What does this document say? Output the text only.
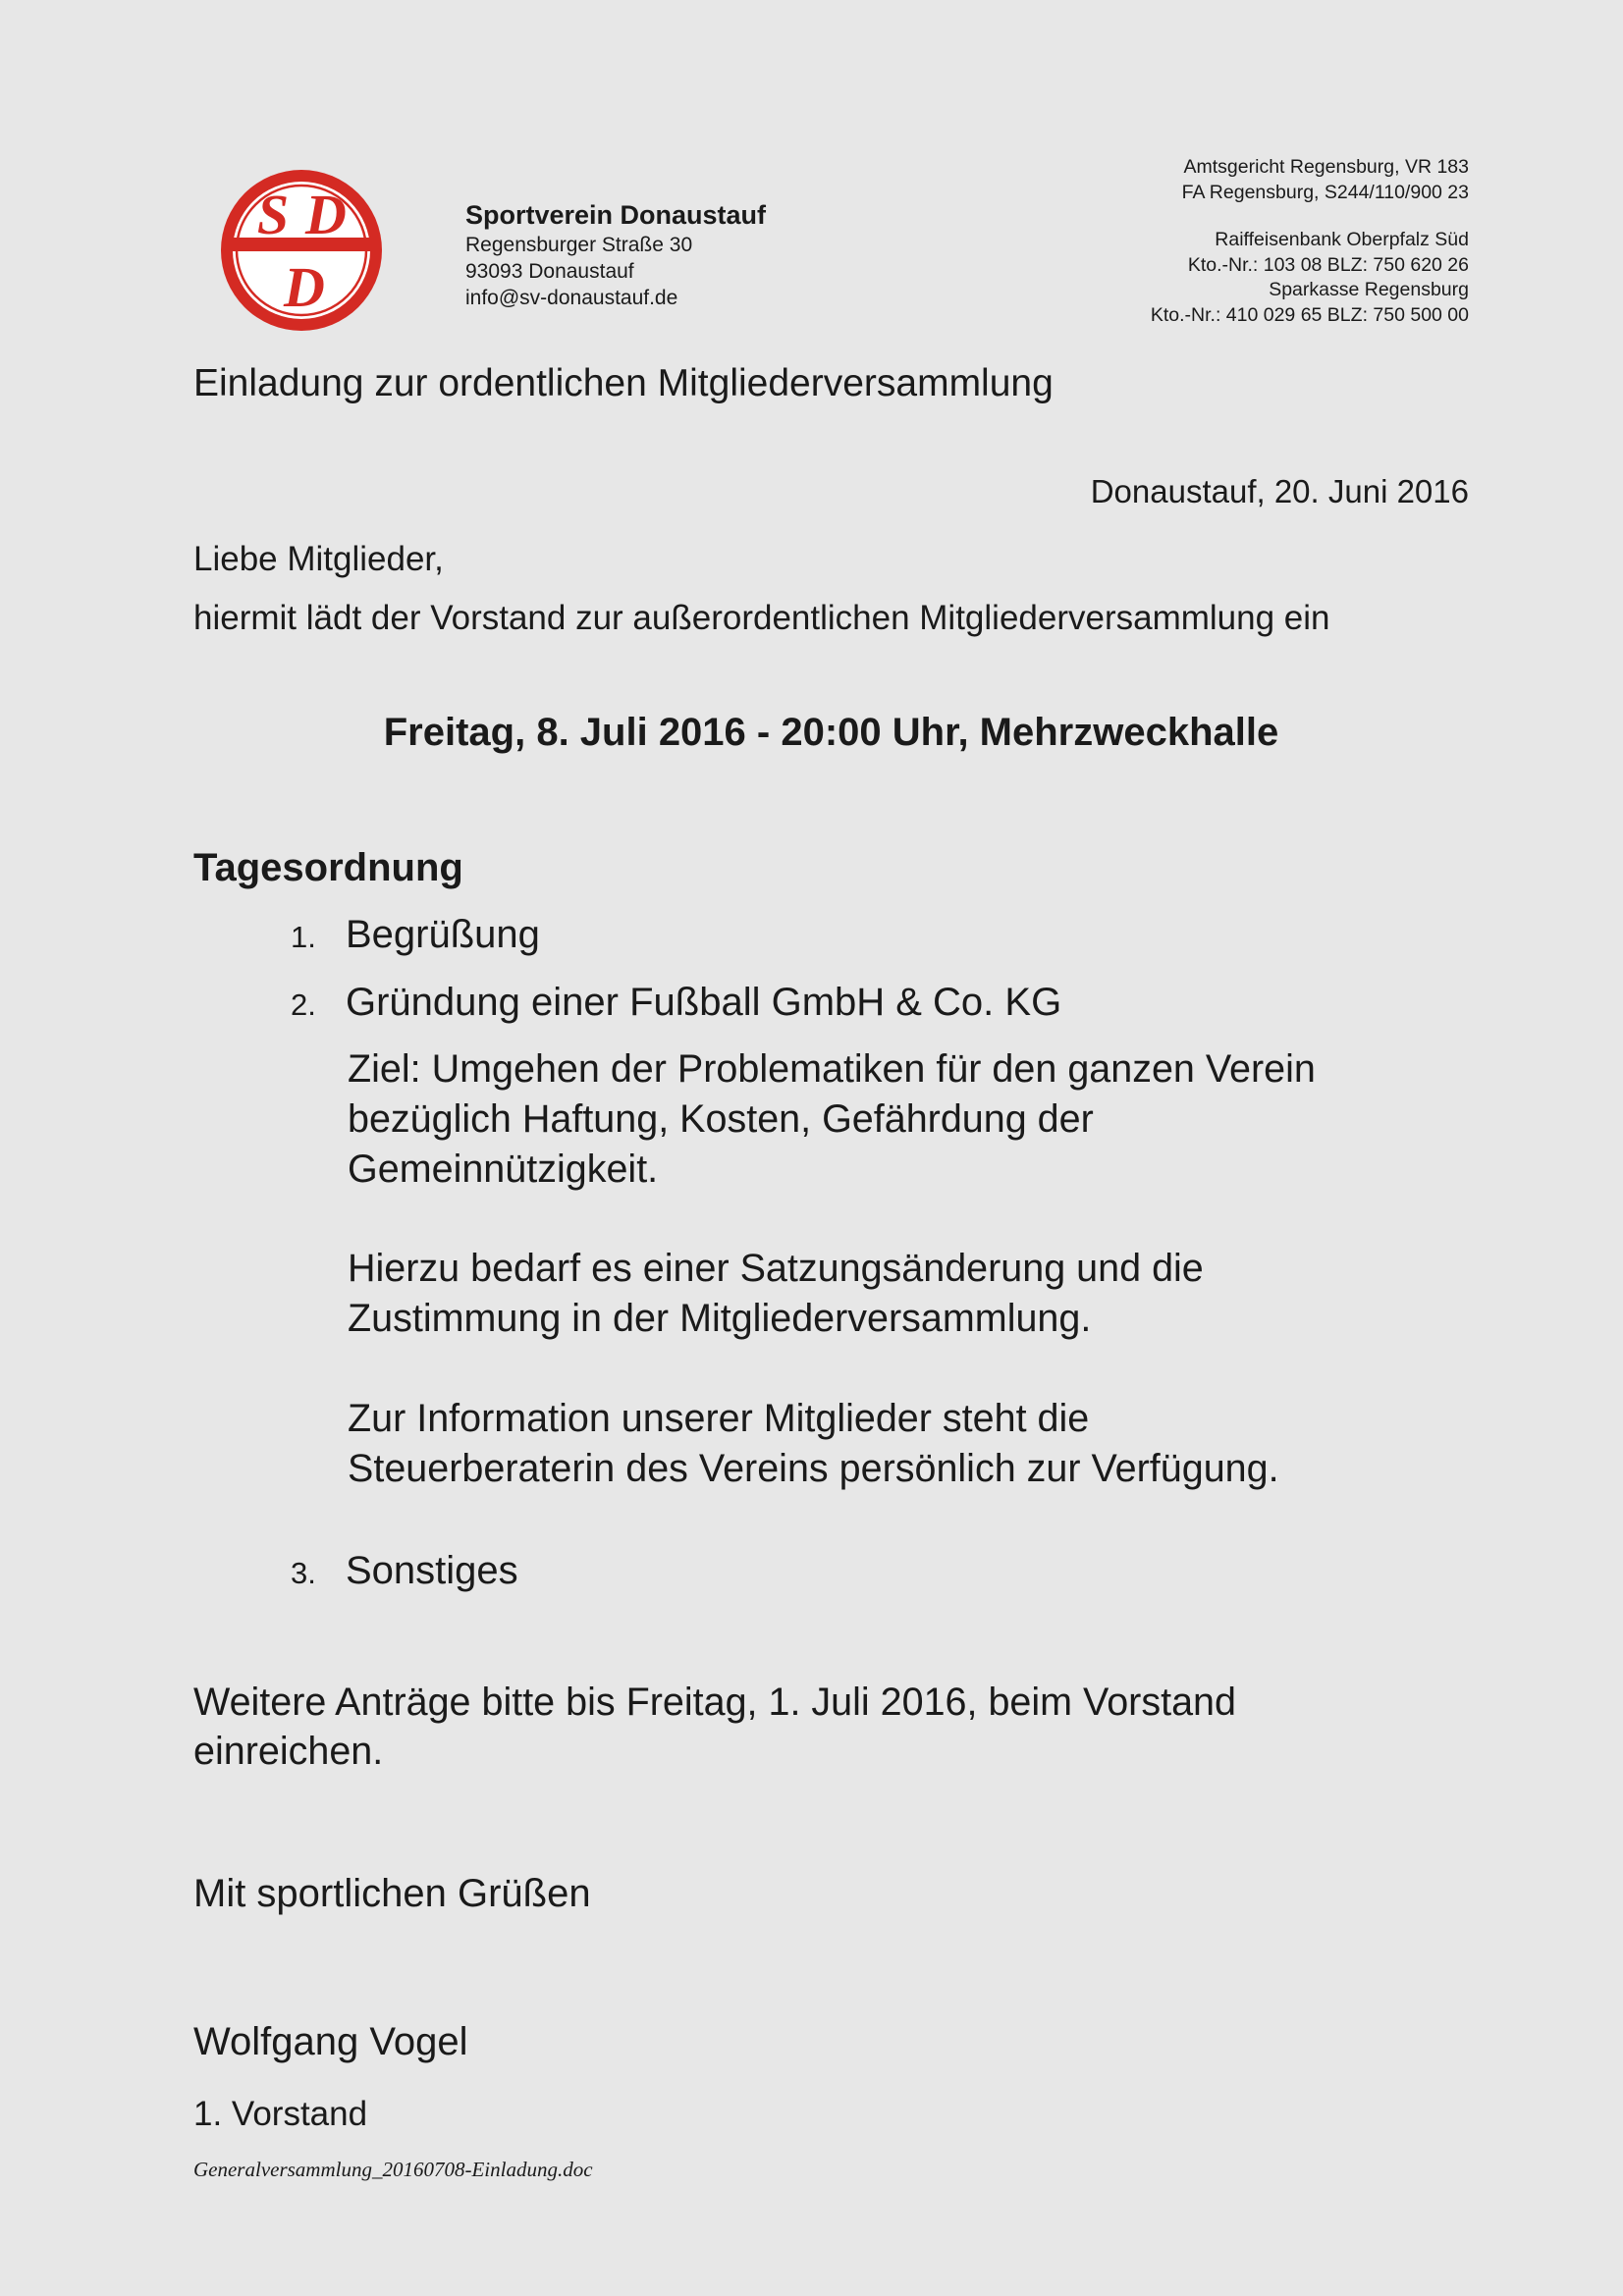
S D
D
Sportverein Donaustauf
Regensburger Straße 30
93093 Donaustauf
info@sv-donaustauf.de
Amtsgericht Regensburg, VR 183
FA Regensburg, S244/110/900 23
Raiffeisenbank Oberpfalz Süd
Kto.-Nr.: 103 08 BLZ: 750 620 26
Sparkasse Regensburg
Kto.-Nr.: 410 029 65 BLZ: 750 500 00
Einladung zur ordentlichen Mitgliederversammlung
Donaustauf, 20. Juni 2016
Liebe Mitglieder,
hiermit lädt der Vorstand zur außerordentlichen Mitgliederversammlung ein
Freitag, 8. Juli 2016 - 20:00 Uhr, Mehrzweckhalle
Tagesordnung
1. Begrüßung
2. Gründung einer Fußball GmbH & Co. KG
Ziel: Umgehen der Problematiken für den ganzen Verein
bezüglich Haftung, Kosten, Gefährdung der
Gemeinnützigkeit.
Hierzu bedarf es einer Satzungsänderung und die
Zustimmung in der Mitgliederversammlung.
Zur Information unserer Mitglieder steht die
Steuerberaterin des Vereins persönlich zur Verfügung.
3. Sonstiges
Weitere Anträge bitte bis Freitag, 1. Juli 2016, beim Vorstand
einreichen.
Mit sportlichen Grüßen
Wolfgang Vogel
1. Vorstand
Generalversammlung_20160708-Einladung.doc
